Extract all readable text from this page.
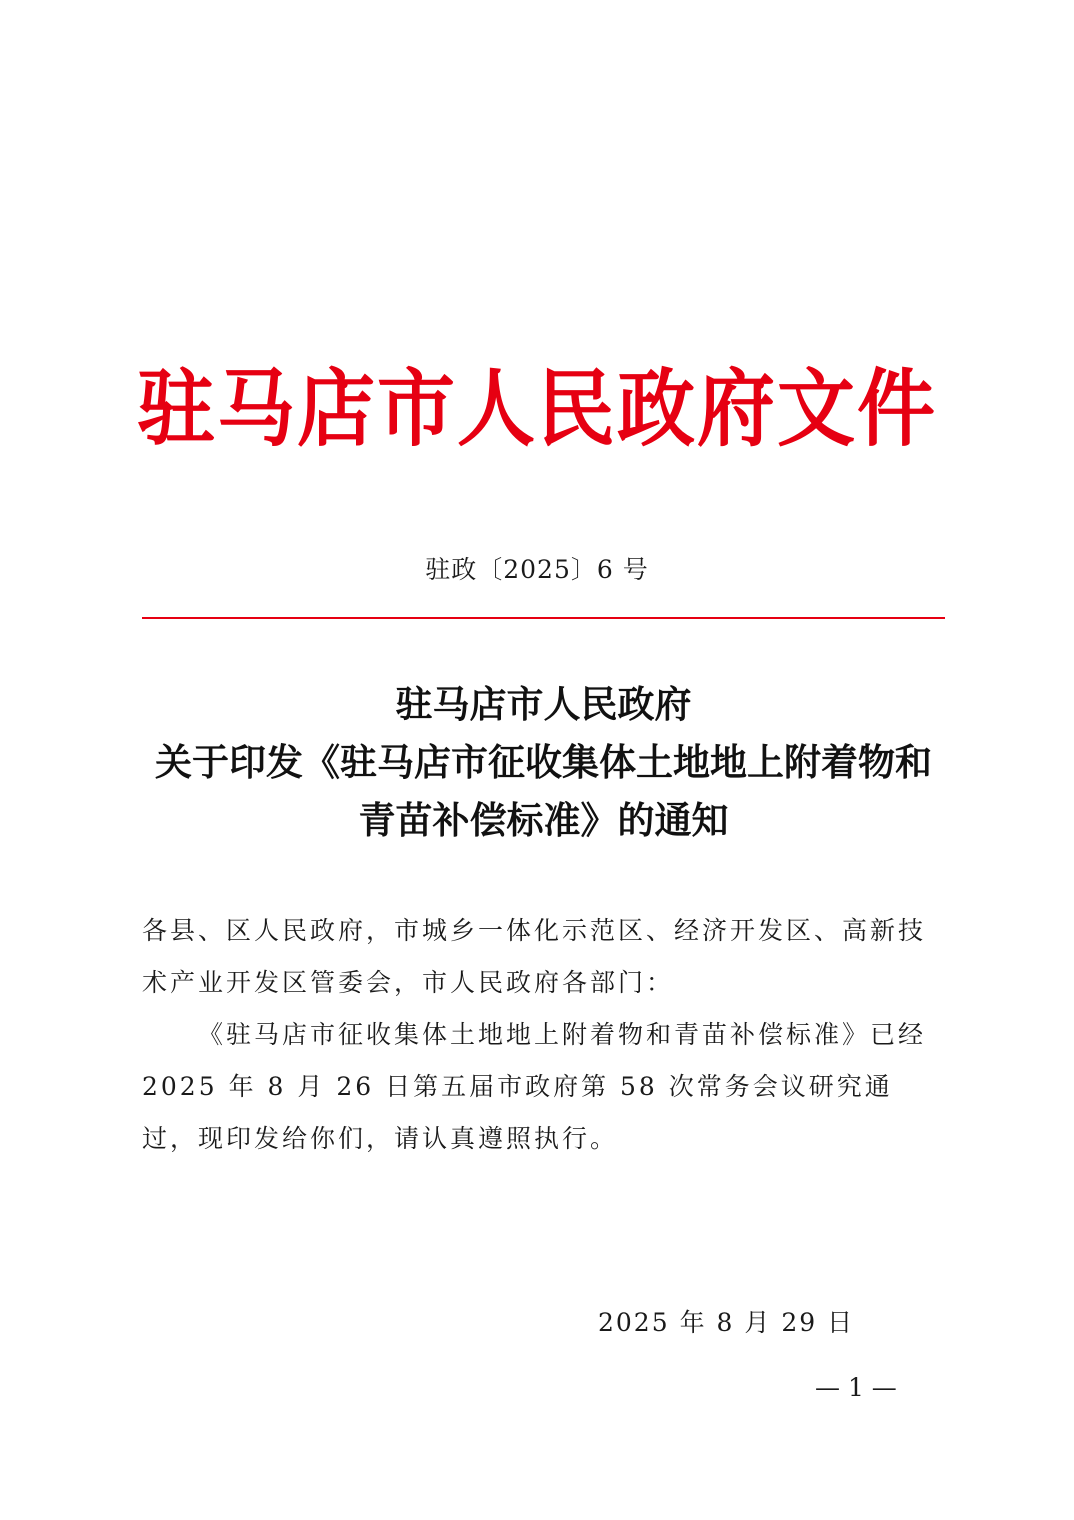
驻马店市人民政府文件
驻政〔2025〕6 号
驻马店市人民政府
关于印发《驻马店市征收集体土地地上附着物和
青苗补偿标准》的通知

各县、区人民政府，市城乡一体化示范区、经济开发区、高新技术产业开发区管委会，市人民政府各部门：

《驻马店市征收集体土地地上附着物和青苗补偿标准》已经2025 年 8 月 26 日第五届市政府第 58 次常务会议研究通过，现印发给你们，请认真遵照执行。

2025 年 8 月 29 日
— 1 —
